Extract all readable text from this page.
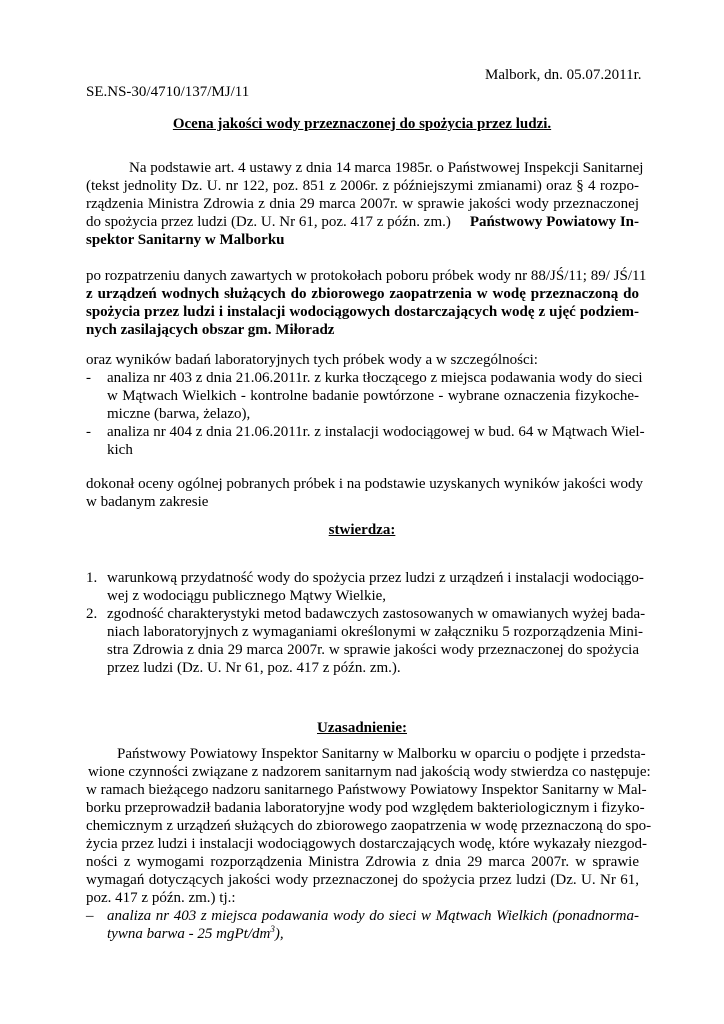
Malbork, dn. 05.07.2011r.
SE.NS-30/4710/137/MJ/11
Ocena jakości wody przeznaczonej do spożycia przez ludzi.
Na podstawie art. 4 ustawy z dnia 14 marca 1985r. o Państwowej Inspekcji Sanitarnej
(tekst jednolity Dz. U. nr 122, poz. 851 z 2006r. z późniejszymi zmianami) oraz § 4 rozpo-
rządzenia Ministra Zdrowia z dnia 29 marca 2007r. w sprawie jakości wody przeznaczonej
do spożycia przez ludzi (Dz. U. Nr 61, poz. 417 z późn. zm.) Państwowy Powiatowy In-
spektor Sanitarny w Malborku
po rozpatrzeniu danych zawartych w protokołach poboru próbek wody nr 88/JŚ/11; 89/ JŚ/11
z urządzeń wodnych służących do zbiorowego zaopatrzenia w wodę przeznaczoną do
spożycia przez ludzi i instalacji wodociągowych dostarczających wodę z ujęć podziem-
nych zasilających obszar gm. Miłoradz
oraz wyników badań laboratoryjnych tych próbek wody a w szczególności:
- analiza nr 403 z dnia 21.06.2011r. z kurka tłoczącego z miejsca podawania wody do sieci
w Mątwach Wielkich - kontrolne badanie powtórzone - wybrane oznaczenia fizykoche-
miczne (barwa, żelazo),
- analiza nr 404 z dnia 21.06.2011r. z instalacji wodociągowej w bud. 64 w Mątwach Wiel-
kich
dokonał oceny ogólnej pobranych próbek i na podstawie uzyskanych wyników jakości wody
w badanym zakresie
stwierdza:
1. warunkową przydatność wody do spożycia przez ludzi z urządzeń i instalacji wodociągo-
wej z wodociągu publicznego Mątwy Wielkie,
2. zgodność charakterystyki metod badawczych zastosowanych w omawianych wyżej bada-
niach laboratoryjnych z wymaganiami określonymi w załączniku 5 rozporządzenia Mini-
stra Zdrowia z dnia 29 marca 2007r. w sprawie jakości wody przeznaczonej do spożycia
przez ludzi (Dz. U. Nr 61, poz. 417 z późn. zm.).
Uzasadnienie:
Państwowy Powiatowy Inspektor Sanitarny w Malborku w oparciu o podjęte i przedsta-
wione czynności związane z nadzorem sanitarnym nad jakością wody stwierdza co następuje:
w ramach bieżącego nadzoru sanitarnego Państwowy Powiatowy Inspektor Sanitarny w Mal-
borku przeprowadził badania laboratoryjne wody pod względem bakteriologicznym i fizyko-
chemicznym z urządzeń służących do zbiorowego zaopatrzenia w wodę przeznaczoną do spo-
życia przez ludzi i instalacji wodociągowych dostarczających wodę, które wykazały niezgod-
ności z wymogami rozporządzenia Ministra Zdrowia z dnia 29 marca 2007r. w sprawie
wymagań dotyczących jakości wody przeznaczonej do spożycia przez ludzi (Dz. U. Nr 61,
poz. 417 z późn. zm.) tj.:
– analiza nr 403 z miejsca podawania wody do sieci w Mątwach Wielkich (ponadnorma-
tywna barwa - 25 mgPt/$dm^3$),
